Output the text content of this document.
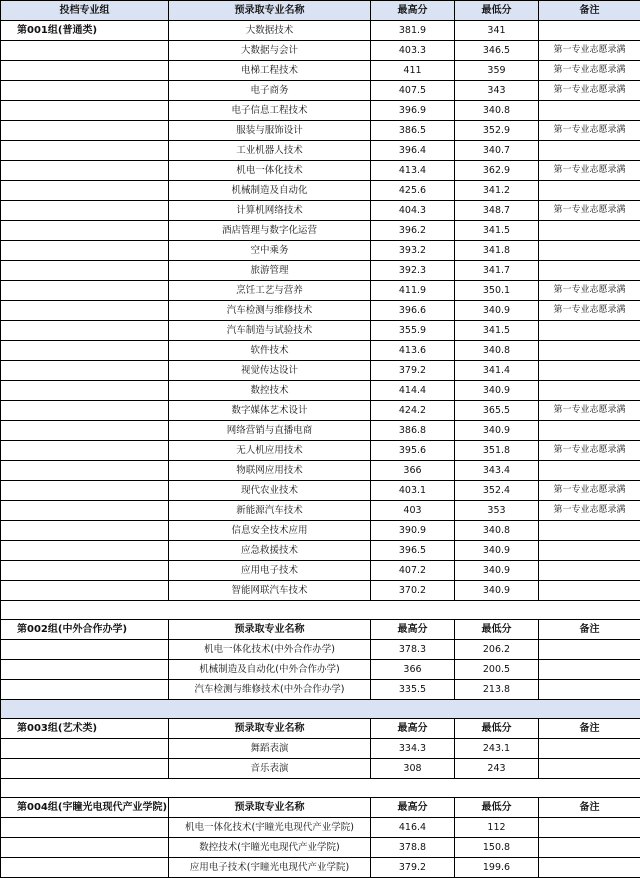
投档专业组	预录取专业名称	最高分	最低分	备注
第001组(普通类)	大数据技术	381.9	341	
	大数据与会计	403.3	346.5	第一专业志愿录满
	电梯工程技术	411	359	第一专业志愿录满
	电子商务	407.5	343	第一专业志愿录满
	电子信息工程技术	396.9	340.8	
	服装与服饰设计	386.5	352.9	第一专业志愿录满
	工业机器人技术	396.4	340.7	
	机电一体化技术	413.4	362.9	第一专业志愿录满
	机械制造及自动化	425.6	341.2	
	计算机网络技术	404.3	348.7	第一专业志愿录满
	酒店管理与数字化运营	396.2	341.5	
	空中乘务	393.2	341.8	
	旅游管理	392.3	341.7	
	烹饪工艺与营养	411.9	350.1	第一专业志愿录满
	汽车检测与维修技术	396.6	340.9	第一专业志愿录满
	汽车制造与试验技术	355.9	341.5	
	软件技术	413.6	340.8	
	视觉传达设计	379.2	341.4	
	数控技术	414.4	340.9	
	数字媒体艺术设计	424.2	365.5	第一专业志愿录满
	网络营销与直播电商	386.8	340.9	
	无人机应用技术	395.6	351.8	第一专业志愿录满
	物联网应用技术	366	343.4	
	现代农业技术	403.1	352.4	第一专业志愿录满
	新能源汽车技术	403	353	第一专业志愿录满
	信息安全技术应用	390.9	340.8	
	应急救援技术	396.5	340.9	
	应用电子技术	407.2	340.9	
	智能网联汽车技术	370.2	340.9	

第002组(中外合作办学)	预录取专业名称	最高分	最低分	备注
	机电一体化技术(中外合作办学)	378.3	206.2	
	机械制造及自动化(中外合作办学)	366	200.5	
	汽车检测与维修技术(中外合作办学)	335.5	213.8	

第003组(艺术类)	预录取专业名称	最高分	最低分	备注
	舞蹈表演	334.3	243.1	
	音乐表演	308	243	

第004组(宇瞳光电现代产业学院)	预录取专业名称	最高分	最低分	备注
	机电一体化技术(宇瞳光电现代产业学院)	416.4	112	
	数控技术(宇瞳光电现代产业学院)	378.8	150.8	
	应用电子技术(宇瞳光电现代产业学院)	379.2	199.6	
